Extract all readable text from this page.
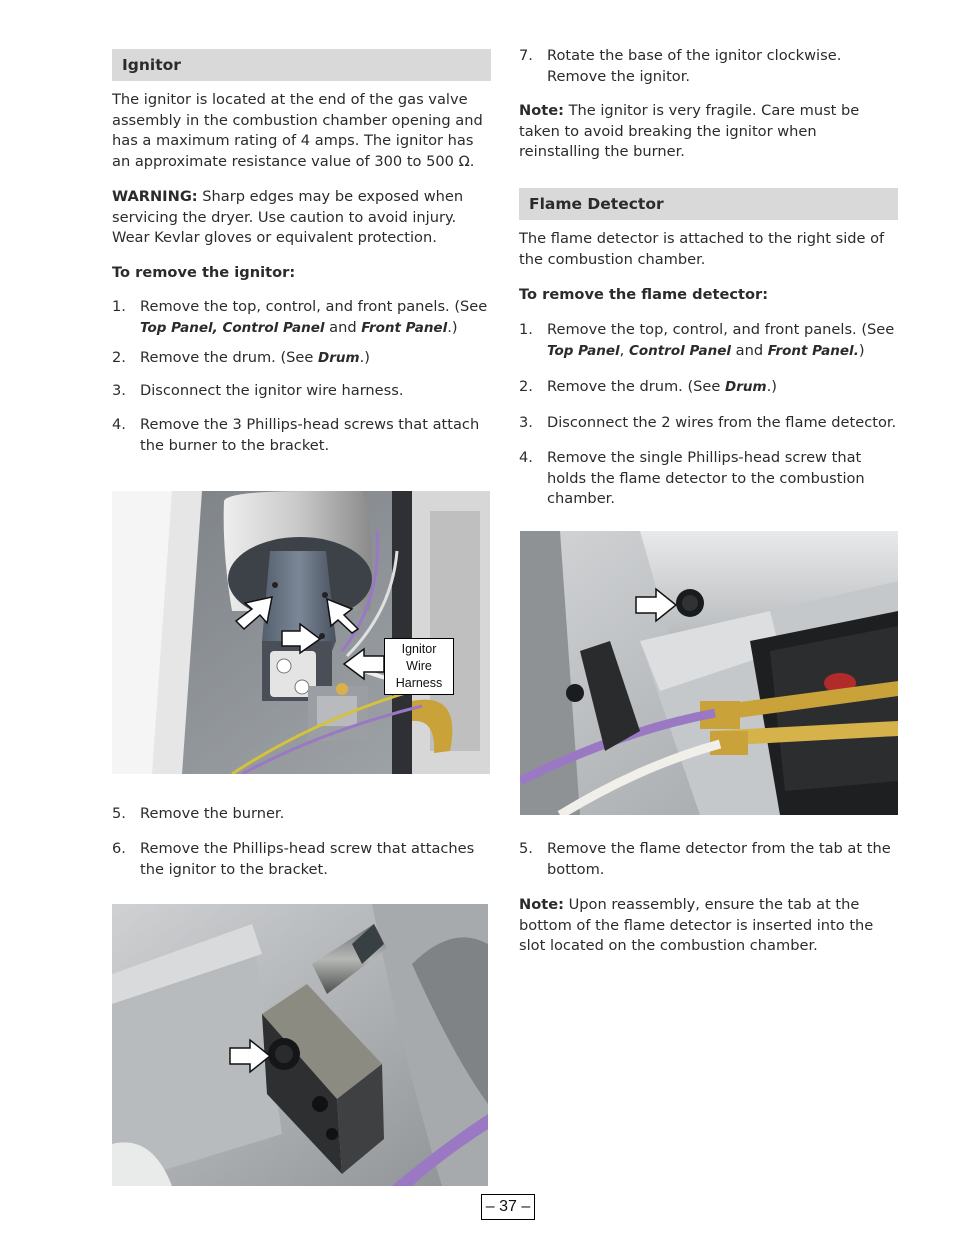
Ignitor

The ignitor is located at the end of the gas valve assembly in the combustion chamber opening and has a maximum rating of 4 amps. The ignitor has an approximate resistance value of 300 to 500 Ω.

WARNING: Sharp edges may be exposed when servicing the dryer. Use caution to avoid injury. Wear Kevlar gloves or equivalent protection.

To remove the ignitor:

1. Remove the top, control, and front panels. (See
Top Panel, Control Panel and Front Panel.)
2. Remove the drum. (See Drum.)
3. Disconnect the ignitor wire harness.
4. Remove the 3 Phillips-head screws that attach the burner to the bracket.
Ignitor
Wire
Harness
5. Remove the burner.
6. Remove the Phillips-head screw that attaches the ignitor to the bracket.
7. Rotate the base of the ignitor clockwise. Remove the ignitor.

Note: The ignitor is very fragile. Care must be taken to avoid breaking the ignitor when reinstalling the burner.

Flame Detector

The flame detector is attached to the right side of the combustion chamber.

To remove the flame detector:

1. Remove the top, control, and front panels. (See
Top Panel, Control Panel and Front Panel.)
2. Remove the drum. (See Drum.)
3. Disconnect the 2 wires from the flame detector.
4. Remove the single Phillips-head screw that holds the flame detector to the combustion chamber.
5. Remove the flame detector from the tab at the bottom.

Note: Upon reassembly, ensure the tab at the bottom of the flame detector is inserted into the slot located on the combustion chamber.

– 37 –
